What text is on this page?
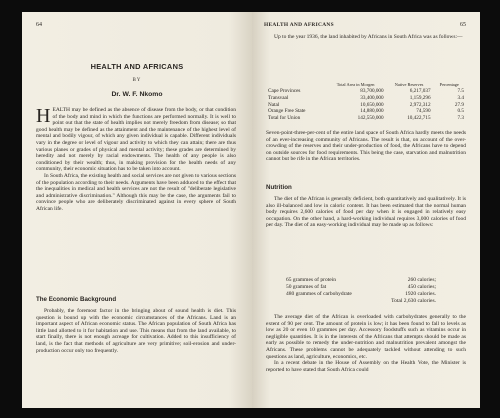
64
HEALTH AND AFRICANS
BY
Dr. W. F. Nkomo

HEALTH may be defined as the absence of disease from the body, or that condition of the body and mind in which the functions are performed normally. It is well to point out that the state of health implies not merely freedom from disease; so that good health may be defined as the attainment and the maintenance of the highest level of mental and bodily vigour, of which any given individual is capable. Different individuals vary in the degree or level of vigour and activity to which they can attain; there are thus various planes or grades of physical and mental activity; these grades are determined by heredity and not merely by racial endowments. The health of any people is also conditioned by their wealth; thus, in making provision for the health needs of any community, their economic situation has to be taken into account.

In South Africa, the existing health and social services are not given to various sections of the population according to their needs. Arguments have been adduced to the effect that the inequalities in medical and health services are not the result of "deliberate legislative and administrative discrimination." Although this may be the case, the arguments fail to convince people who are deliberately discriminated against in every sphere of South African life.

The Economic Background

Probably, the foremost factor in the bringing about of sound health is diet. This question is bound up with the economic circumstances of the Africans. Land is an important aspect of African economic status. The African population of South Africa has little land allotted to it for habitation and use. This means that from the land available, to start finally, there is not enough acreage for cultivation. Added to this insufficiency of land, is the fact that methods of agriculture are very primitive; soil-erosion and under-production occur only too frequently.

HEALTH AND AFRICANS	65

Up to the year 1936, the land inhabited by Africans in South Africa was as follows:—

	Total Area in Morgen	Native Reserves	Percentage
Cape Provinces	83,700,000	6,217,037	7.5
Transvaal	33,400,000	1,159,296	3.4
Natal	10,650,000	2,972,312	27.9
Orange Free State	14,880,000	74,590	0.5
Total for Union	142,550,000	10,422,715	7.3

Seven-point-three-per-cent of the entire land space of South Africa hardly meets the needs of an ever-increasing community of Africans. The result is that, on account of the over-crowding of the reserves and their under-production of food, the Africans have to depend on outside sources for food requirements. This being the case, starvation and malnutrition cannot but be rife in the African territories.

Nutrition

The diet of the African is generally deficient, both quantitatively and qualitatively. It is also ill-balanced and low in caloric content. It has been estimated that the normal human body requires 2,600 calories of food per day when it is engaged in relatively easy occupation. On the other hand, a hard-working individual requires 3,000 calories of food per day. The diet of an easy-working individual may be made up as follows:

65 grammes of protein	260 calories;
50 grammes of fat	450 calories;
480 grammes of carbohydrate	1920 calories.
Total 2,630 calories.

The average diet of the African is overloaded with carbohydrates generally to the extent of 90 per cent. The amount of protein is low; it has been found to fall to levels as low as 20 or even 10 grammes per day. Accessory foodstuffs such as vitamins occur in negligible quantities. It is in the interests of the Africans that attempts should be made as early as possible to remedy the under-nutrition and malnutrition prevalent amongst the Africans. These problems cannot be adequately tackled without attending to such questions as land, agriculture, economics, etc.

In a recent debate in the House of Assembly on the Health Vote, the Minister is reported to have stated that South Africa could
